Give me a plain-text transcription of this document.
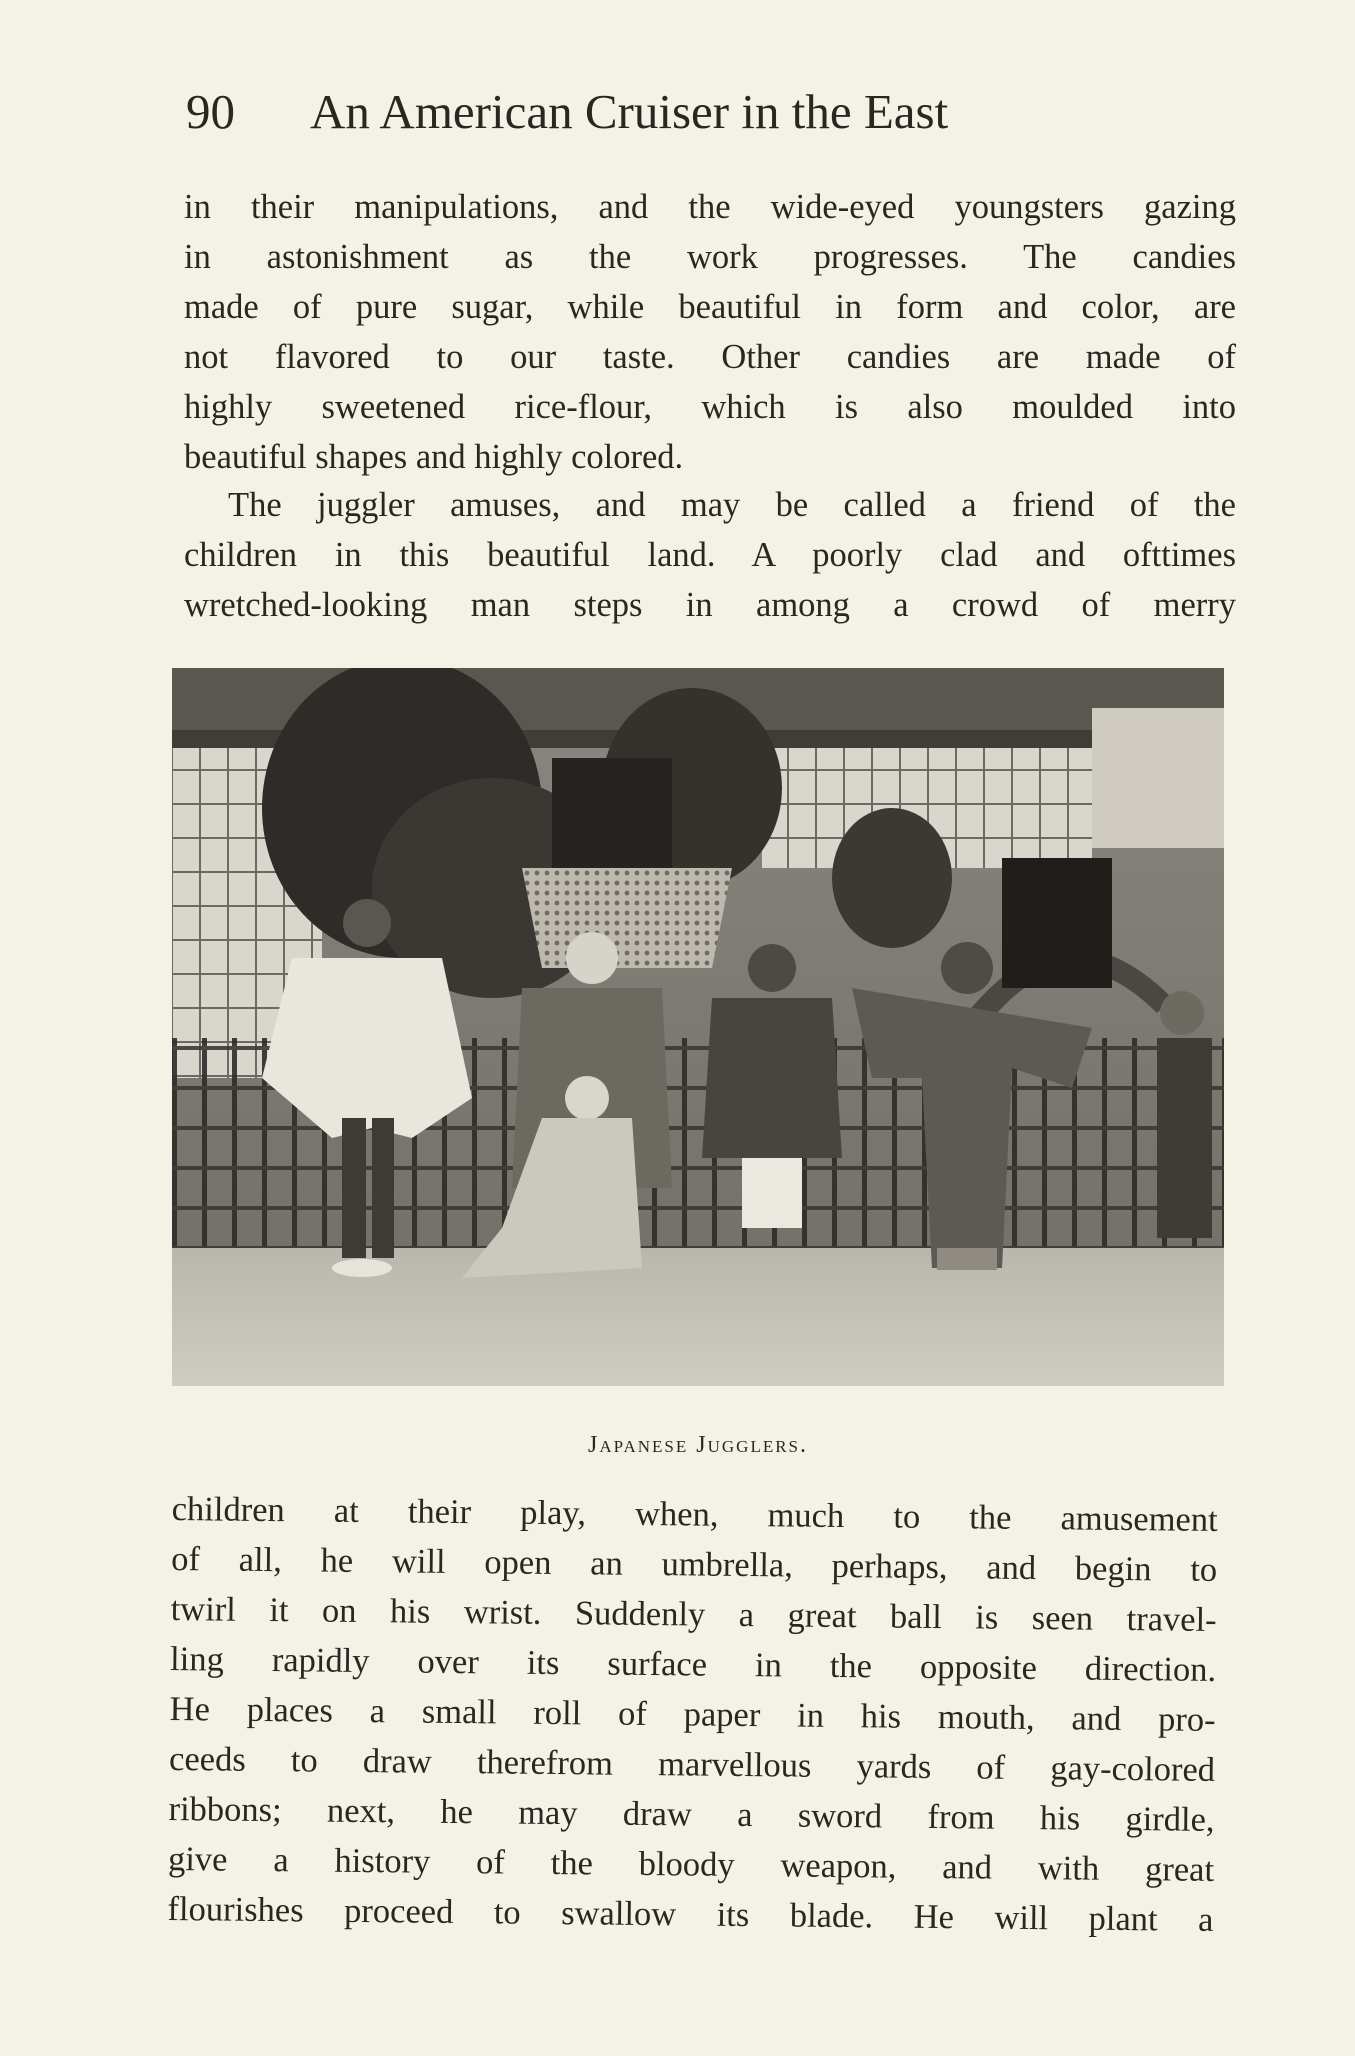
90 An American Cruiser in the East
in their manipulations, and the wide-eyed youngsters gazing
in astonishment as the work progresses. The candies
made of pure sugar, while beautiful in form and color, are
not flavored to our taste. Other candies are made of
highly sweetened rice-flour, which is also moulded into
beautiful shapes and highly colored.
The juggler amuses, and may be called a friend of the
children in this beautiful land. A poorly clad and ofttimes
wretched-looking man steps in among a crowd of merry
Japanese Jugglers.
children at their play, when, much to the amusement
of all, he will open an umbrella, perhaps, and begin to
twirl it on his wrist. Suddenly a great ball is seen travel-
ling rapidly over its surface in the opposite direction.
He places a small roll of paper in his mouth, and pro-
ceeds to draw therefrom marvellous yards of gay-colored
ribbons; next, he may draw a sword from his girdle,
give a history of the bloody weapon, and with great
flourishes proceed to swallow its blade. He will plant a
